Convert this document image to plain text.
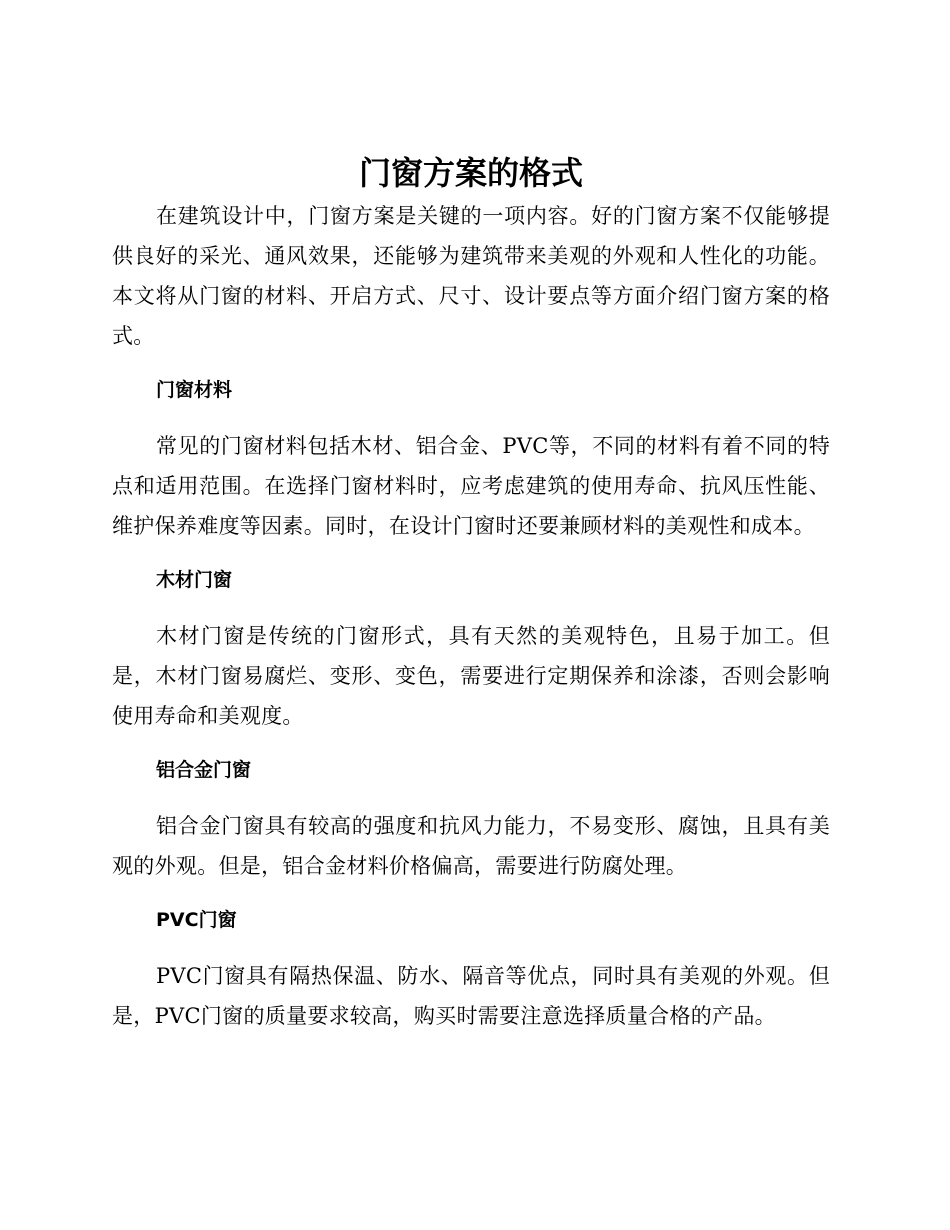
门窗方案的格式

在建筑设计中，门窗方案是关键的一项内容。好的门窗方案不仅能够提供良好的采光、通风效果，还能够为建筑带来美观的外观和人性化的功能。本文将从门窗的材料、开启方式、尺寸、设计要点等方面介绍门窗方案的格式。

门窗材料

常见的门窗材料包括木材、铝合金、PVC等，不同的材料有着不同的特点和适用范围。在选择门窗材料时，应考虑建筑的使用寿命、抗风压性能、维护保养难度等因素。同时，在设计门窗时还要兼顾材料的美观性和成本。

木材门窗

木材门窗是传统的门窗形式，具有天然的美观特色，且易于加工。但是，木材门窗易腐烂、变形、变色，需要进行定期保养和涂漆，否则会影响使用寿命和美观度。

铝合金门窗

铝合金门窗具有较高的强度和抗风力能力，不易变形、腐蚀，且具有美观的外观。但是，铝合金材料价格偏高，需要进行防腐处理。

PVC门窗

PVC门窗具有隔热保温、防水、隔音等优点，同时具有美观的外观。但是，PVC门窗的质量要求较高，购买时需要注意选择质量合格的产品。
